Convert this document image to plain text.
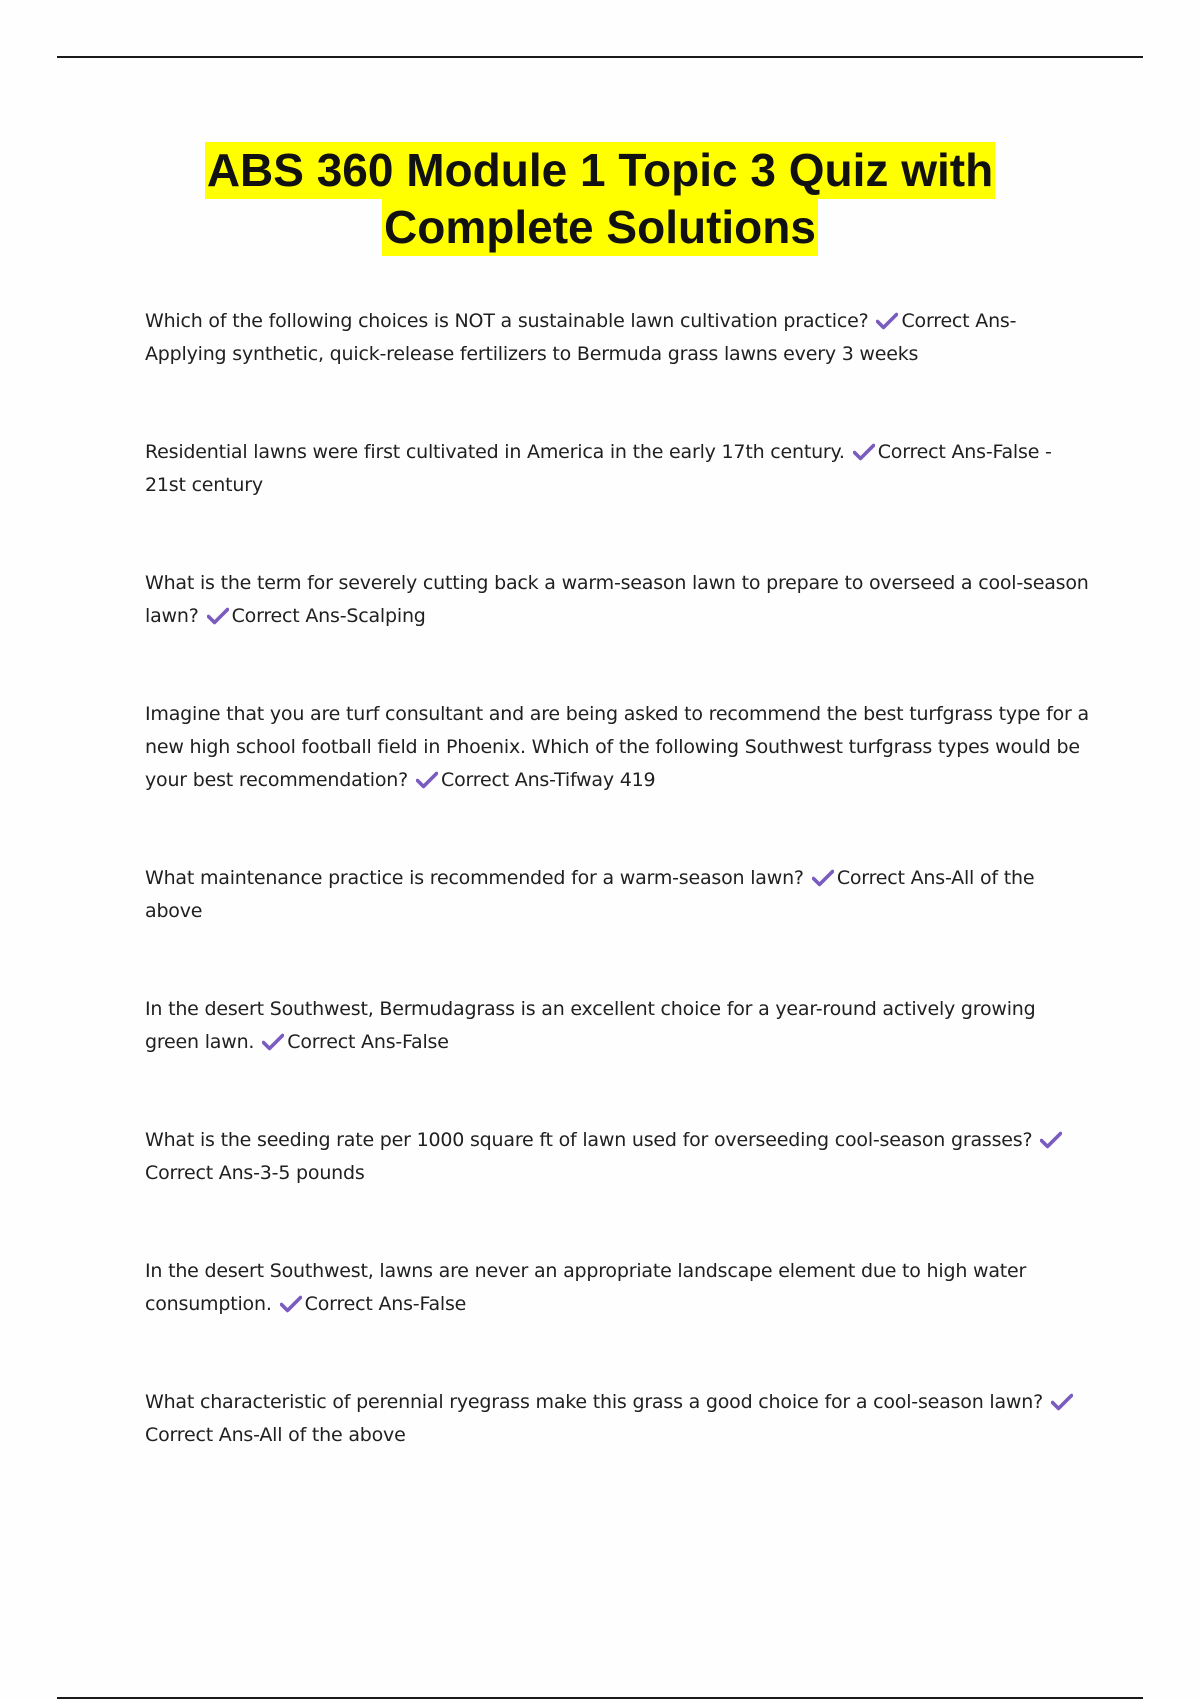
ABS 360 Module 1 Topic 3 Quiz with
Complete Solutions
Which of the following choices is NOT a sustainable lawn cultivation practice? Correct Ans-Applying synthetic, quick-release fertilizers to Bermuda grass lawns every 3 weeks
Residential lawns were first cultivated in America in the early 17th century. Correct Ans-False - 21st century
What is the term for severely cutting back a warm-season lawn to prepare to overseed a cool-season lawn? Correct Ans-Scalping
Imagine that you are turf consultant and are being asked to recommend the best turfgrass type for a new high school football field in Phoenix. Which of the following Southwest turfgrass types would be your best recommendation? Correct Ans-Tifway 419
What maintenance practice is recommended for a warm-season lawn? Correct Ans-All of the above
In the desert Southwest, Bermudagrass is an excellent choice for a year-round actively growing green lawn. Correct Ans-False
What is the seeding rate per 1000 square ft of lawn used for overseeding cool-season grasses?
Correct Ans-3-5 pounds
In the desert Southwest, lawns are never an appropriate landscape element due to high water consumption. Correct Ans-False
What characteristic of perennial ryegrass make this grass a good choice for a cool-season lawn?
Correct Ans-All of the above
